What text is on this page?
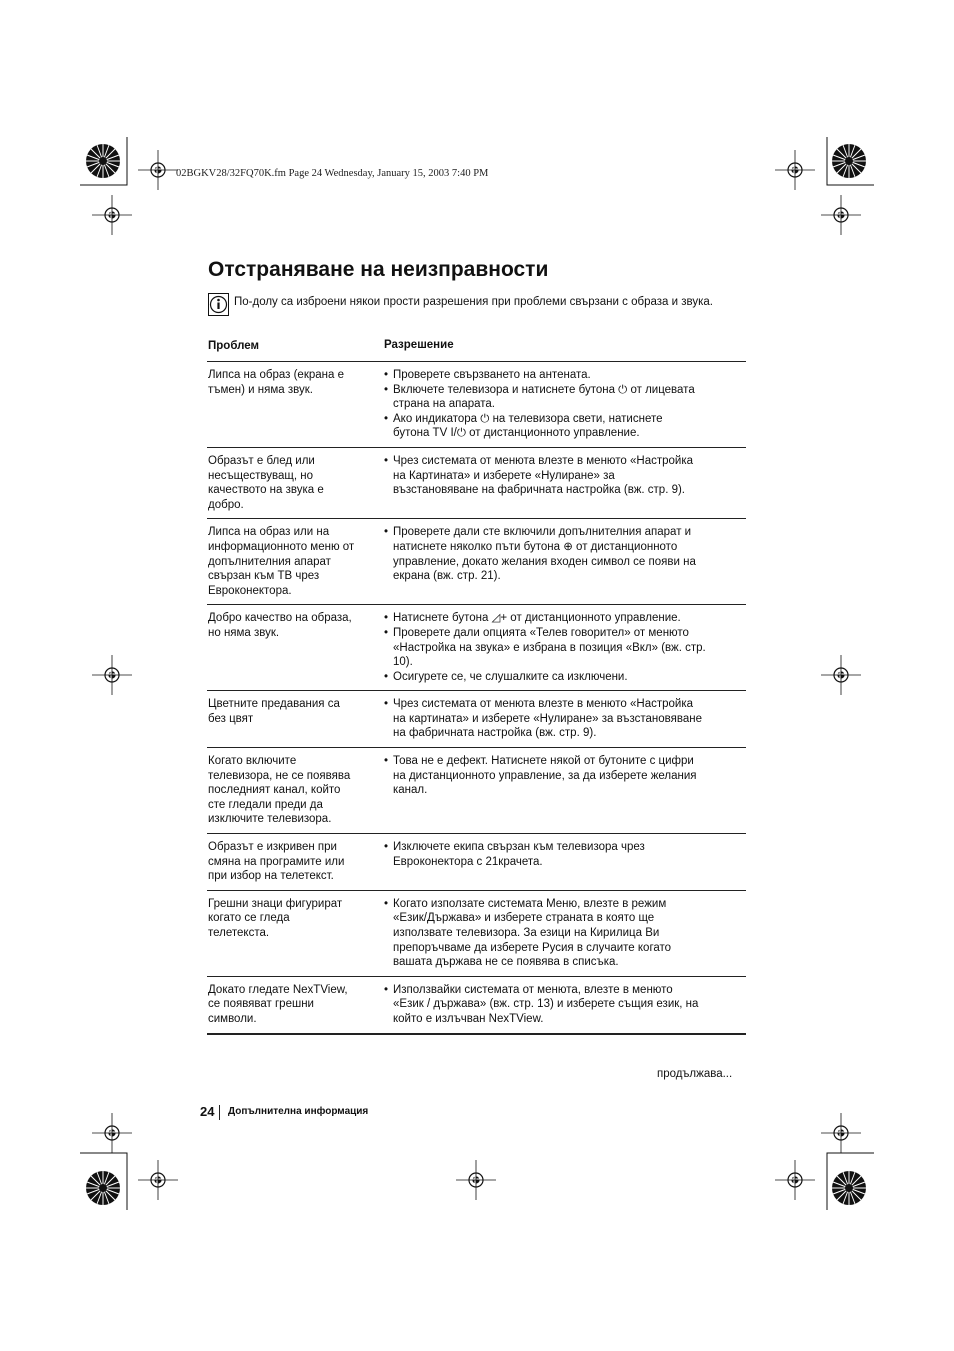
02BGKV28/32FQ70K.fm Page 24 Wednesday, January 15, 2003 7:40 PM
Отстраняване на неизправности
По-долу са изброени някои прости разрешения при проблеми свързани с образа и звука.
Проблем	Разрешение
Липса на образ (екрана е
тъмен) и няма звук.
• Проверете свързването на антената.
• Включете телевизора и натиснете бутона ⏻ от лицевата
страна на апарата.
• Ако индикатора ⏻ на телевизора свети, натиснете
бутона TV I/⏻ от дистанционното управление.
Образът е блед или
несъществуващ, но
качеството на звука е
добро.
• Чрез системата от менюта влезте в менюто «Настройка
на Картината» и изберете «Нулиране» за
възстановяване на фабричната настройка (вж. стр. 9).
Липса на образ или на
информационното меню от
допълнителния апарат
свързан към ТВ чрез
Евроконектора.
• Проверете дали сте включили допълнителния апарат и
натиснете няколко пъти бутона ⊕ от дистанционното
управление, докато желания входен символ се появи на
екрана (вж. стр. 21).
Добро качество на образа,
но няма звук.
• Натиснете бутона ◿+ от дистанционното управление.
• Проверете дали опцията «Телев говорител» от менюто
«Настройка на звука» е избрана в позиция «Вкл» (вж. стр.
10).
• Осигурете се, че слушалките са изключени.
Цветните предавания са
без цвят
• Чрез системата от менюта влезте в менюто «Настройка
на картината» и изберете «Нулиране» за възстановяване
на фабричната настройка (вж. стр. 9).
Когато включите
телевизора, не се появява
последният канал, който
сте гледали преди да
изключите телевизора.
• Това не е дефект. Натиснете някой от бутоните с цифри
на дистанционното управление, за да изберете желания
канал.
Образът е изкривен при
смяна на програмите или
при избор на телетекст.
• Изключете екипа свързан към телевизора чрез
Евроконектора с 21крачета.
Грешни знаци фигурират
когато се гледа
телетекста.
• Когато използате системата Меню, влезте в режим
«Език/Държава» и изберете страната в която ще
използвате телевизора. За езици на Кирилица Ви
препоръчваме да изберете Русия в случаите когато
вашата държава не се появява в списъка.
Докато гледате NexTView,
се появяват грешни
символи.
• Използвайки системата от менюта, влезте в менюто
«Език / държава» (вж. стр. 13) и изберете същия език, на
който е излъчван NexTView.
продължава...
24 Допълнителна информация
